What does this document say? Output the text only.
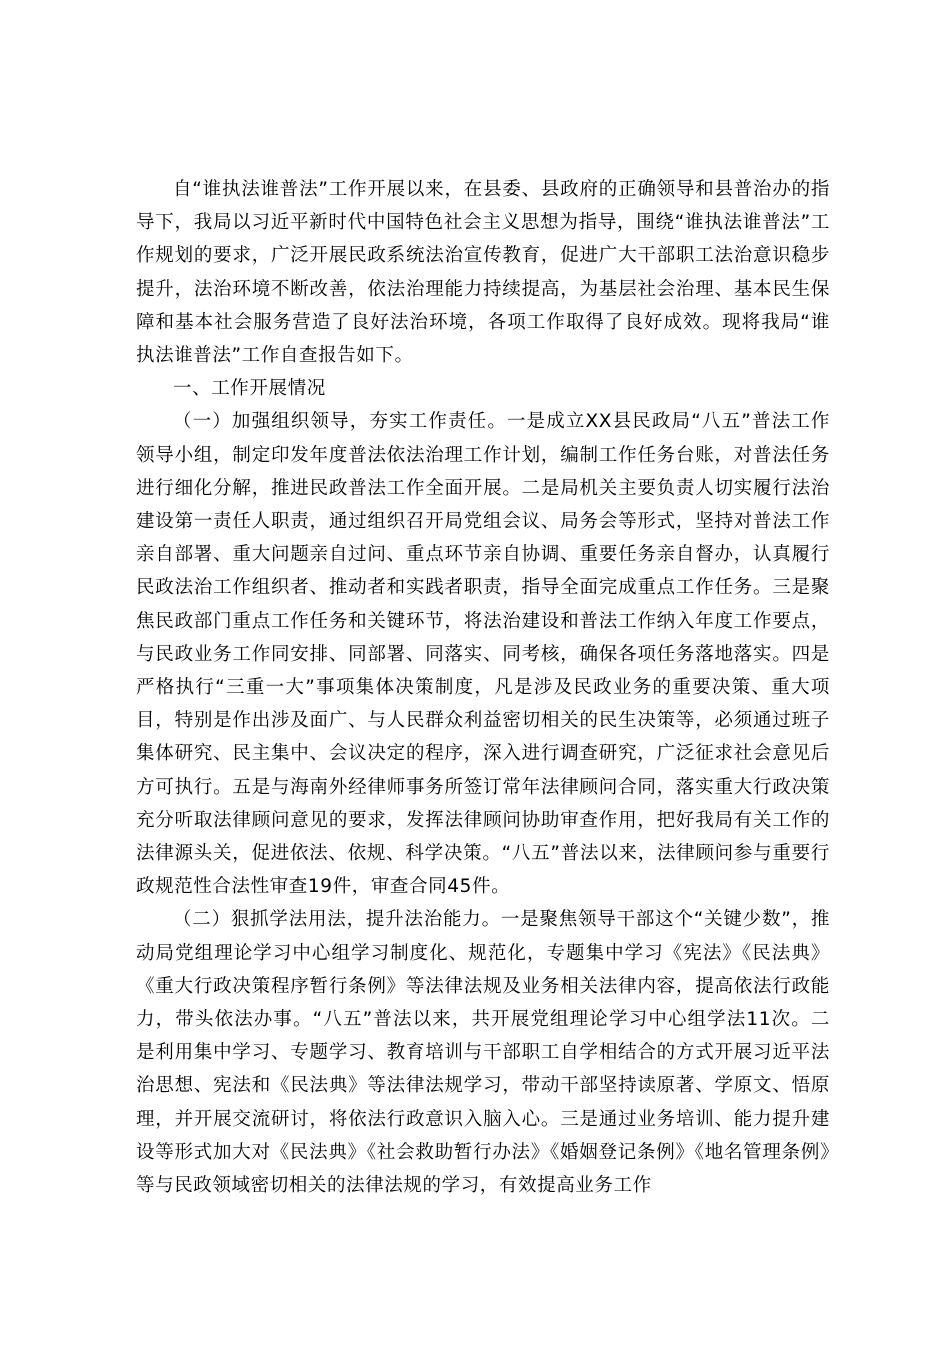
自“谁执法谁普法”工作开展以来，在县委、县政府的正确领导和县普治办的指导下，我局以习近平新时代中国特色社会主义思想为指导，围绕“谁执法谁普法”工作规划的要求，广泛开展民政系统法治宣传教育，促进广大干部职工法治意识稳步提升，法治环境不断改善，依法治理能力持续提高，为基层社会治理、基本民生保障和基本社会服务营造了良好法治环境，各项工作取得了良好成效。现将我局“谁执法谁普法”工作自查报告如下。

一、工作开展情况

（一）加强组织领导，夯实工作责任。一是成立XX县民政局“八五”普法工作领导小组，制定印发年度普法依法治理工作计划，编制工作任务台账，对普法任务进行细化分解，推进民政普法工作全面开展。二是局机关主要负责人切实履行法治建设第一责任人职责，通过组织召开局党组会议、局务会等形式，坚持对普法工作亲自部署、重大问题亲自过问、重点环节亲自协调、重要任务亲自督办，认真履行民政法治工作组织者、推动者和实践者职责，指导全面完成重点工作任务。三是聚焦民政部门重点工作任务和关键环节，将法治建设和普法工作纳入年度工作要点，与民政业务工作同安排、同部署、同落实、同考核，确保各项任务落地落实。四是严格执行“三重一大”事项集体决策制度，凡是涉及民政业务的重要决策、重大项目，特别是作出涉及面广、与人民群众利益密切相关的民生决策等，必须通过班子集体研究、民主集中、会议决定的程序，深入进行调查研究，广泛征求社会意见后方可执行。五是与海南外经律师事务所签订常年法律顾问合同，落实重大行政决策充分听取法律顾问意见的要求，发挥法律顾问协助审查作用，把好我局有关工作的法律源头关，促进依法、依规、科学决策。“八五”普法以来，法律顾问参与重要行政规范性合法性审查19件，审查合同45件。

（二）狠抓学法用法，提升法治能力。一是聚焦领导干部这个“关键少数”，推动局党组理论学习中心组学习制度化、规范化，专题集中学习《宪法》《民法典》《重大行政决策程序暂行条例》等法律法规及业务相关法律内容，提高依法行政能力，带头依法办事。“八五”普法以来，共开展党组理论学习中心组学法11次。二是利用集中学习、专题学习、教育培训与干部职工自学相结合的方式开展习近平法治思想、宪法和《民法典》等法律法规学习，带动干部坚持读原著、学原文、悟原理，并开展交流研讨，将依法行政意识入脑入心。三是通过业务培训、能力提升建设等形式加大对《民法典》《社会救助暂行办法》《婚姻登记条例》《地名管理条例》等与民政领域密切相关的法律法规的学习，有效提高业务工作
